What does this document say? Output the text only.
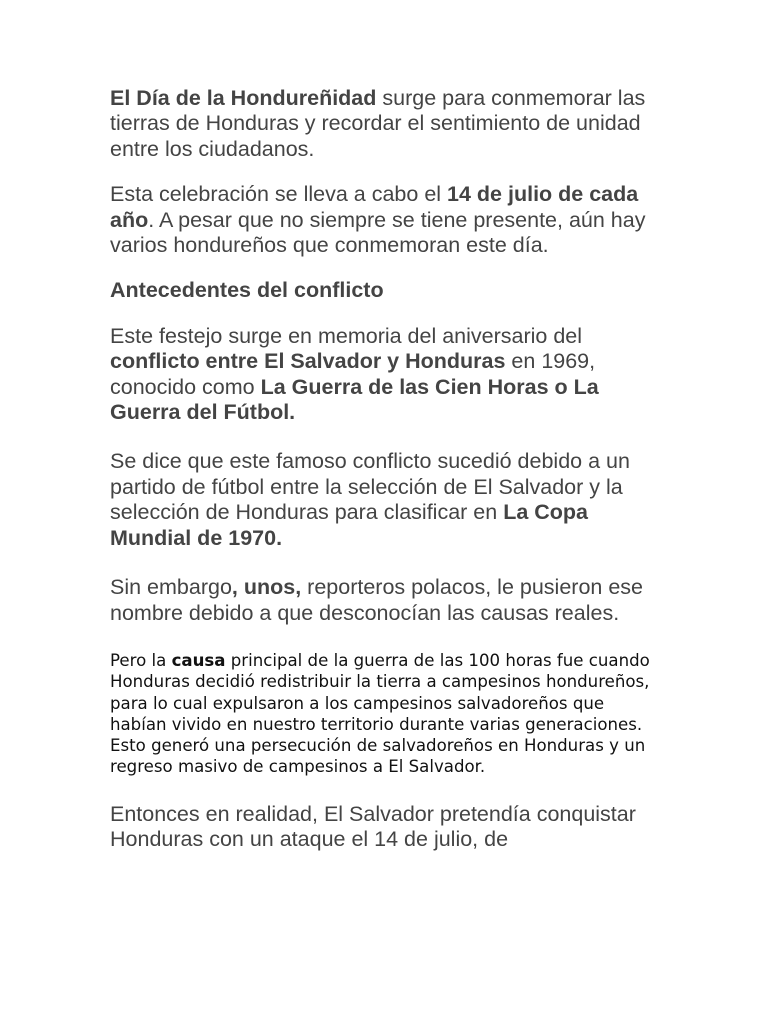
El Día de la Hondureñidad surge para conmemorar las tierras de Honduras y recordar el sentimiento de unidad entre los ciudadanos.

Esta celebración se lleva a cabo el 14 de julio de cada año. A pesar que no siempre se tiene presente, aún hay varios hondureños que conmemoran este día.

Antecedentes del conflicto

Este festejo surge en memoria del aniversario del conflicto entre El Salvador y Honduras en 1969, conocido como La Guerra de las Cien Horas o La Guerra del Fútbol.

Se dice que este famoso conflicto sucedió debido a un partido de fútbol entre la selección de El Salvador y la selección de Honduras para clasificar en La Copa Mundial de 1970.

Sin embargo, unos, reporteros polacos, le pusieron ese nombre debido a que desconocían las causas reales.

Pero la causa principal de la guerra de las 100 horas fue cuando Honduras decidió redistribuir la tierra a campesinos hondureños, para lo cual expulsaron a los campesinos salvadoreños que habían vivido en nuestro territorio durante varias generaciones. Esto generó una persecución de salvadoreños en Honduras y un regreso masivo de campesinos a El Salvador.

Entonces en realidad, El Salvador pretendía conquistar Honduras con un ataque el 14 de julio, de
